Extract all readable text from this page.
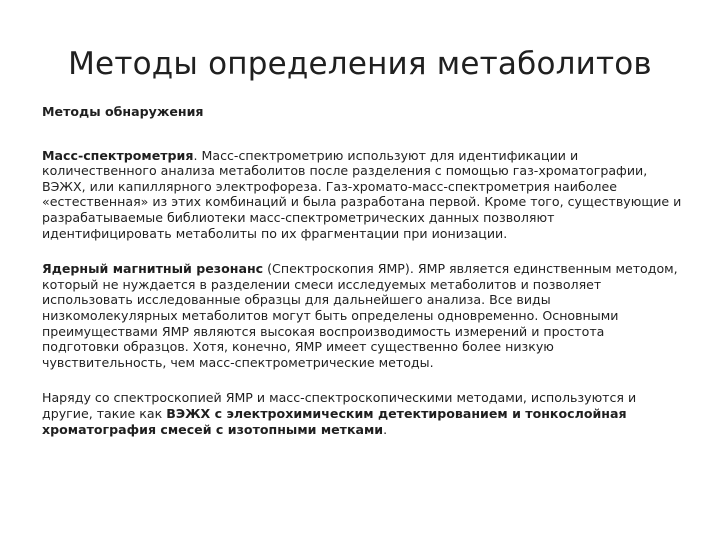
Методы определения метаболитов
Методы обнаружения

Масс-спектрометрия. Масс-спектрометрию используют для идентификации и количественного анализа метаболитов после разделения с помощью газ-хроматографии, ВЭЖХ, или капиллярного электрофореза. Газ-хромато-масс-спектрометрия наиболее «естественная» из этих комбинаций и была разработана первой. Кроме того, существующие и разрабатываемые библиотеки масс-спектрометрических данных позволяют идентифицировать метаболиты по их фрагментации при ионизации.

Ядерный магнитный резонанс (Спектроскопия ЯМР). ЯМР является единственным методом, который не нуждается в разделении смеси исследуемых метаболитов и позволяет использовать исследованные образцы для дальнейшего анализа. Все виды низкомолекулярных метаболитов могут быть определены одновременно. Основными преимуществами ЯМР являются высокая воспроизводимость измерений и простота подготовки образцов. Хотя, конечно, ЯМР имеет существенно более низкую чувствительность, чем масс-спектрометрические методы.

Наряду со спектроскопией ЯМР и масс-спектроскопическими методами, используются и другие, такие как ВЭЖХ с электрохимическим детектированием и тонкослойная хроматография смесей с изотопными метками.
